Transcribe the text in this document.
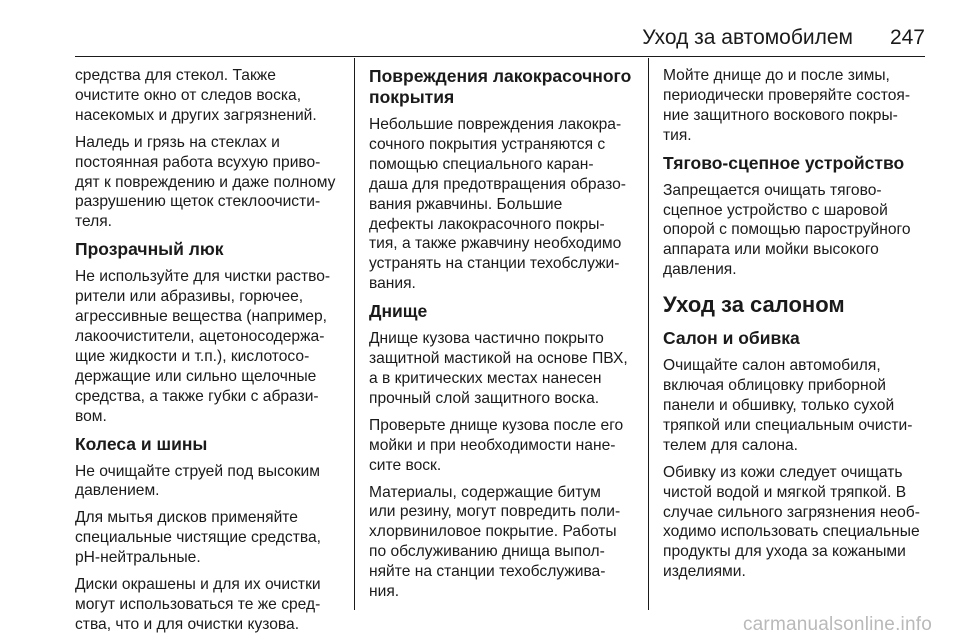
Уход за автомобилем 247

средства для стекол. Также
очистите окно от следов воска,
насекомых и других загрязнений.

Наледь и грязь на стеклах и
постоянная работа всухую приво-
дят к повреждению и даже полному
разрушению щеток стеклоочисти-
теля.

Прозрачный люк

Не используйте для чистки раство-
рители или абразивы, горючее,
агрессивные вещества (например,
лакоочистители, ацетоносодержа-
щие жидкости и т.п.), кислотосо-
держащие или сильно щелочные
средства, а также губки с абрази-
вом.

Колеса и шины

Не очищайте струей под высоким
давлением.

Для мытья дисков применяйте
специальные чистящие средства,
pH-нейтральные.

Диски окрашены и для их очистки
могут использоваться те же сред-
ства, что и для очистки кузова.

Повреждения лакокрасочного
покрытия

Небольшие повреждения лакокра-
сочного покрытия устраняются с
помощью специального каран-
даша для предотвращения образо-
вания ржавчины. Большие
дефекты лакокрасочного покры-
тия, а также ржавчину необходимо
устранять на станции техобслужи-
вания.

Днище

Днище кузова частично покрыто
защитной мастикой на основе ПВХ,
а в критических местах нанесен
прочный слой защитного воска.

Проверьте днище кузова после его
мойки и при необходимости нане-
сите воск.

Материалы, содержащие битум
или резину, могут повредить поли-
хлорвиниловое покрытие. Работы
по обслуживанию днища выпол-
няйте на станции техобслужива-
ния.

Мойте днище до и после зимы,
периодически проверяйте состоя-
ние защитного воскового покры-
тия.

Тягово-сцепное устройство

Запрещается очищать тягово-
сцепное устройство с шаровой
опорой с помощью пароструйного
аппарата или мойки высокого
давления.

Уход за салоном
Салон и обивка

Очищайте салон автомобиля,
включая облицовку приборной
панели и обшивку, только сухой
тряпкой или специальным очисти-
телем для салона.

Обивку из кожи следует очищать
чистой водой и мягкой тряпкой. В
случае сильного загрязнения необ-
ходимо использовать специальные
продукты для ухода за кожаными
изделиями.

carmanualsonline.info
